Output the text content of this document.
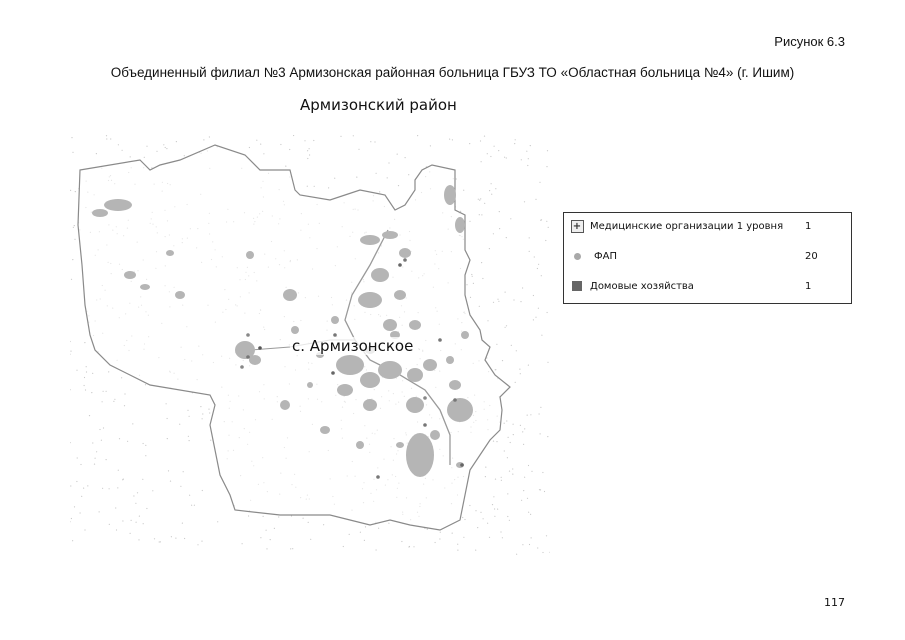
Рисунок 6.3
Объединенный филиал №3 Армизонская районная больница ГБУЗ ТО «Областная больница №4» (г. Ишим)
Армизонский район
с. Армизонское
+ Медицинские организации 1 уровня	1
ФАП	20
Домовые хозяйства	1
117
